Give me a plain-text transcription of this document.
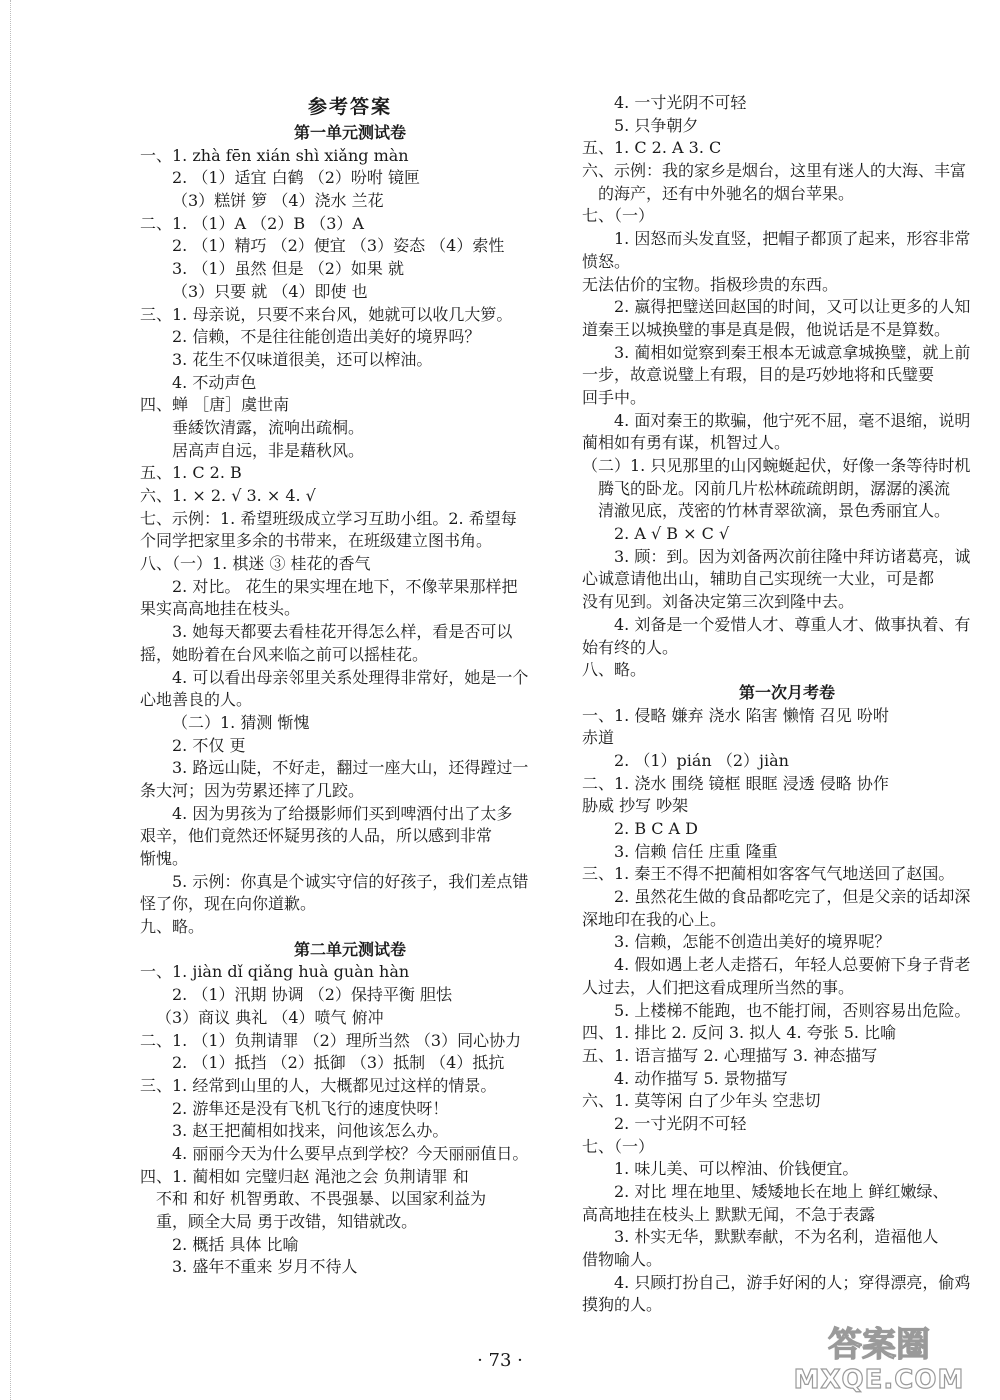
参考答案
第一单元测试卷
一、1. zhà fēn xián shì xiǎng màn
2. （1）适宜 白鹤 （2）吩咐 镜匣
（3）糕饼 箩 （4）浇水 兰花
二、1. （1）A （2）B （3）A
2. （1）精巧 （2）便宜 （3）姿态 （4）索性
3. （1）虽然 但是 （2）如果 就
（3）只要 就 （4）即使 也
三、1. 母亲说，只要不来台风，她就可以收几大箩。
2. 信赖，不是往往能创造出美好的境界吗？
3. 花生不仅味道很美，还可以榨油。
4. 不动声色
四、蝉 ［唐］虞世南
垂緌饮清露，流响出疏桐。
居高声自远，非是藉秋风。
五、1. C 2. B
六、1. × 2. √ 3. × 4. √
七、示例：1. 希望班级成立学习互助小组。2. 希望每
个同学把家里多余的书带来，在班级建立图书角。
八、（一）1. 棋迷 ③ 桂花的香气
2. 对比。 花生的果实埋在地下，不像苹果那样把
果实高高地挂在枝头。
3. 她每天都要去看桂花开得怎么样，看是否可以
摇，她盼着在台风来临之前可以摇桂花。
4. 可以看出母亲邻里关系处理得非常好，她是一个
心地善良的人。
（二）1. 猜测 惭愧
2. 不仅 更
3. 路远山陡，不好走，翻过一座大山，还得蹚过一
条大河；因为劳累还摔了几跤。
4. 因为男孩为了给摄影师们买到啤酒付出了太多
艰辛，他们竟然还怀疑男孩的人品，所以感到非常
惭愧。
5. 示例：你真是个诚实守信的好孩子，我们差点错
怪了你，现在向你道歉。
九、略。
第二单元测试卷
一、1. jiàn dǐ qiǎng huà guàn hàn
2. （1）汛期 协调 （2）保持平衡 胆怯
（3）商议 典礼 （4）喷气 俯冲
二、1. （1）负荆请罪 （2）理所当然 （3）同心协力
2. （1）抵挡 （2）抵御 （3）抵制 （4）抵抗
三、1. 经常到山里的人，大概都见过这样的情景。
2. 游隼还是没有飞机飞行的速度快呀！
3. 赵王把蔺相如找来，问他该怎么办。
4. 丽丽今天为什么要早点到学校？今天丽丽值日。
四、1. 蔺相如 完璧归赵 渑池之会 负荆请罪 和
不和 和好 机智勇敢、不畏强暴、以国家利益为
重，顾全大局 勇于改错，知错就改。
2. 概括 具体 比喻
3. 盛年不重来 岁月不待人
4. 一寸光阴不可轻
5. 只争朝夕
五、1. C 2. A 3. C
六、示例：我的家乡是烟台，这里有迷人的大海、丰富
的海产，还有中外驰名的烟台苹果。
七、（一）
1. 因怒而头发直竖，把帽子都顶了起来，形容非常
愤怒。
无法估价的宝物。指极珍贵的东西。
2. 嬴得把璧送回赵国的时间，又可以让更多的人知
道秦王以城换璧的事是真是假，他说话是不是算数。
3. 蔺相如觉察到秦王根本无诚意拿城换璧，就上前
一步，故意说璧上有瑕，目的是巧妙地将和氏璧要
回手中。
4. 面对秦王的欺骗，他宁死不屈，毫不退缩，说明
蔺相如有勇有谋，机智过人。
（二）1. 只见那里的山冈蜿蜒起伏，好像一条等待时机
腾飞的卧龙。冈前几片松林疏疏朗朗，潺潺的溪流
清澈见底，茂密的竹林青翠欲滴，景色秀丽宜人。
2. A √ B × C √
3. 顾：到。因为刘备两次前往隆中拜访诸葛亮，诚
心诚意请他出山，辅助自己实现统一大业，可是都
没有见到。刘备决定第三次到隆中去。
4. 刘备是一个爱惜人才、尊重人才、做事执着、有
始有终的人。
八、略。
第一次月考卷
一、1. 侵略 嫌弃 浇水 陷害 懒惰 召见 吩咐
赤道
2. （1）pián （2）jiàn
二、1. 浇水 围绕 镜框 眼眶 浸透 侵略 协作
胁威 抄写 吵架
2. B C A D
3. 信赖 信任 庄重 隆重
三、1. 秦王不得不把蔺相如客客气气地送回了赵国。
2. 虽然花生做的食品都吃完了，但是父亲的话却深
深地印在我的心上。
3. 信赖，怎能不创造出美好的境界呢？
4. 假如遇上老人走搭石，年轻人总要俯下身子背老
人过去，人们把这看成理所当然的事。
5. 上楼梯不能跑，也不能打闹，否则容易出危险。
四、1. 排比 2. 反问 3. 拟人 4. 夸张 5. 比喻
五、1. 语言描写 2. 心理描写 3. 神态描写
4. 动作描写 5. 景物描写
六、1. 莫等闲 白了少年头 空悲切
2. 一寸光阴不可轻
七、（一）
1. 味儿美、可以榨油、价钱便宜。
2. 对比 埋在地里、矮矮地长在地上 鲜红嫩绿、
高高地挂在枝头上 默默无闻，不急于表露
3. 朴实无华，默默奉献，不为名利，造福他人
借物喻人。
4. 只顾打扮自己，游手好闲的人；穿得漂亮，偷鸡
摸狗的人。
· 73 ·	答案圈
MXQE.COM
